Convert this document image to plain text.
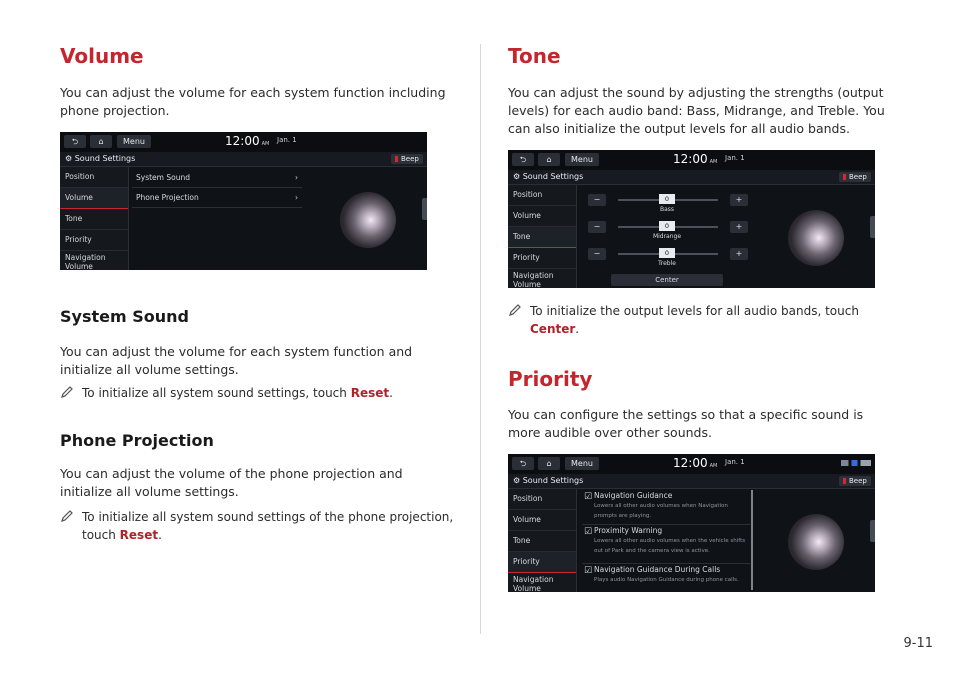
Volume

You can adjust the volume for each system function including phone projection.

⮌	⌂	Menu	12:00 AM Jan. 1
⚙ Sound Settings	Beep
Position
Volume
Tone
Priority
Navigation
Volume
System Sound	›
Phone Projection	›
System Sound

You can adjust the volume for each system function and initialize all volume settings.

To initialize all system sound settings, touch Reset.
Phone Projection

You can adjust the volume of the phone projection and initialize all volume settings.

To initialize all system sound settings of the phone projection, touch Reset.
Tone

You can adjust the sound by adjusting the strengths (output levels) for each audio band: Bass, Midrange, and Treble. You can also initialize the output levels for all audio bands.

⮌	⌂	Menu	12:00 AM Jan. 1
⚙ Sound Settings	Beep
Position
Volume
Tone
Priority
Navigation
Volume
−	0
Bass
+
−	0
Midrange
+
−	0
Treble
+
Center
To initialize the output levels for all audio bands, touch Center.
Priority

You can configure the settings so that a specific sound is more audible over other sounds.

⮌	⌂	Menu	12:00 AM Jan. 1
⚙ Sound Settings	Beep
Position
Volume
Tone
Priority
Navigation
Volume
☑ Navigation Guidance
Lowers all other audio volumes when Navigation prompts are playing.
☑ Proximity Warning
Lowers all other audio volumes when the vehicle shifts out of Park and the camera view is active.
☑ Navigation Guidance During Calls
Plays audio Navigation Guidance during phone calls.
9-11
